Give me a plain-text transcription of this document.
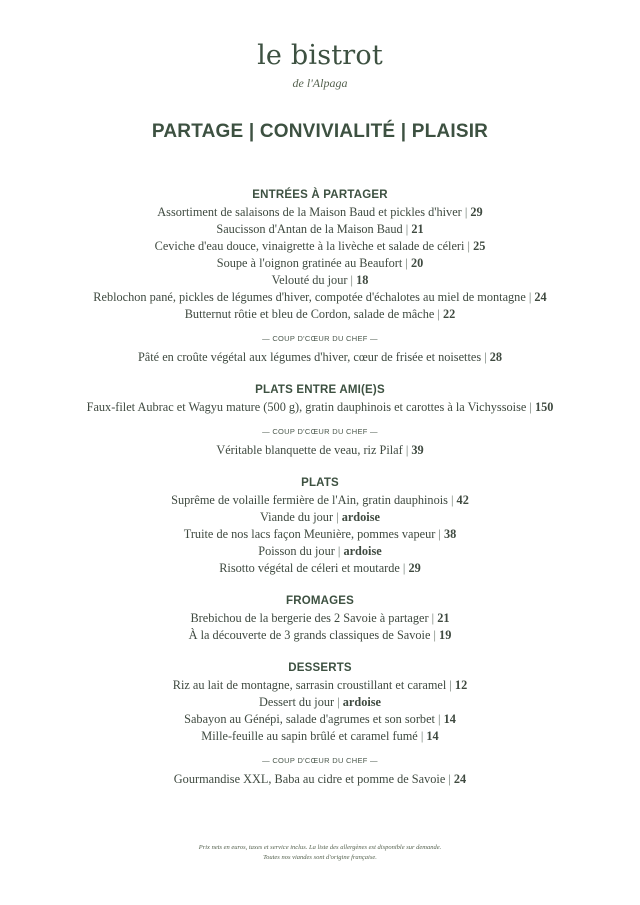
le bistrot
de l'Alpaga
PARTAGE | CONVIVIALITÉ | PLAISIR
ENTRÉES À PARTAGER
Assortiment de salaisons de la Maison Baud et pickles d'hiver | 29
Saucisson d'Antan de la Maison Baud | 21
Ceviche d'eau douce, vinaigrette à la livèche et salade de céleri | 25
Soupe à l'oignon gratinée au Beaufort | 20
Velouté du jour | 18
Reblochon pané, pickles de légumes d'hiver, compotée d'échalotes au miel de montagne | 24
Butternut rôtie et bleu de Cordon, salade de mâche | 22
— COUP D'CŒUR DU CHEF —
Pâté en croûte végétal aux légumes d'hiver, cœur de frisée et noisettes | 28
PLATS ENTRE AMI(E)S
Faux-filet Aubrac et Wagyu mature (500 g), gratin dauphinois et carottes à la Vichyssoise | 150
— COUP D'CŒUR DU CHEF —
Véritable blanquette de veau, riz Pilaf | 39
PLATS
Suprême de volaille fermière de l'Ain, gratin dauphinois | 42
Viande du jour | ardoise
Truite de nos lacs façon Meunière, pommes vapeur | 38
Poisson du jour | ardoise
Risotto végétal de céleri et moutarde | 29
FROMAGES
Brebichou de la bergerie des 2 Savoie à partager | 21
À la découverte de 3 grands classiques de Savoie | 19
DESSERTS
Riz au lait de montagne, sarrasin croustillant et caramel | 12
Dessert du jour | ardoise
Sabayon au Génépi, salade d'agrumes et son sorbet | 14
Mille-feuille au sapin brûlé et caramel fumé | 14
— COUP D'CŒUR DU CHEF —
Gourmandise XXL, Baba au cidre et pomme de Savoie | 24
Prix nets en euros, taxes et service inclus. La liste des allergènes est disponible sur demande.
Toutes nos viandes sont d'origine française.
